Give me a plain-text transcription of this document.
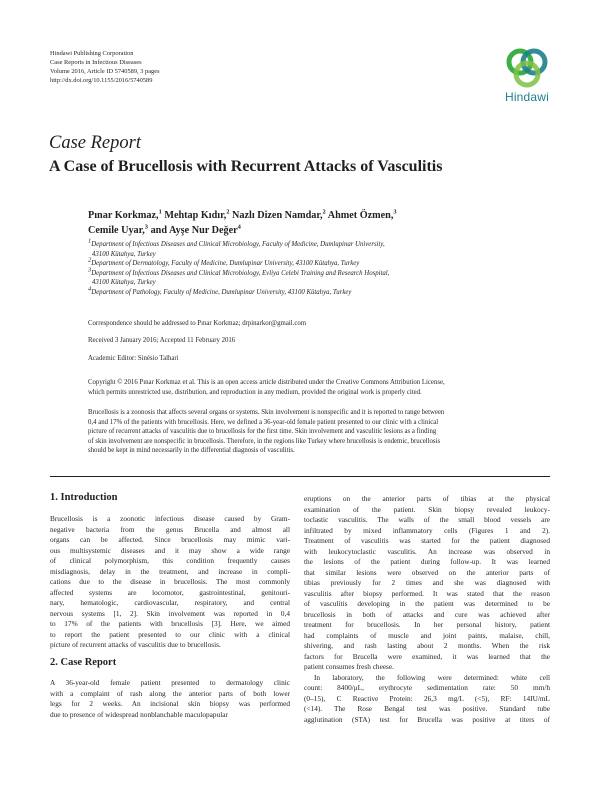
Hindawi Publishing Corporation
Case Reports in Infectious Diseases
Volume 2016, Article ID 5740589, 3 pages
http://dx.doi.org/10.1155/2016/5740589
Hindawi
Case Report
A Case of Brucellosis with Recurrent Attacks of Vasculitis
Pınar Korkmaz,$^1$ Mehtap Kıdır,$^2$ Nazlı Dizen Namdar,$^2$ Ahmet Özmen,$^3$
Cemile Uyar,$^3$ and Ayşe Nur Değer$^4$
$^1$Department of Infectious Diseases and Clinical Microbiology, Faculty of Medicine, Dumlupinar University,
43100 Kütahya, Turkey
$^2$Department of Dermatology, Faculty of Medicine, Dumlupinar University, 43100 Kütahya, Turkey
$^3$Department of Infectious Diseases and Clinical Microbiology, Evliya Celebi Training and Research Hospital,
43100 Kütahya, Turkey
$^4$Department of Pathology, Faculty of Medicine, Dumlupinar University, 43100 Kütahya, Turkey
Correspondence should be addressed to Pınar Korkmaz; drpinarkor@gmail.com
Received 3 January 2016; Accepted 11 February 2016
Academic Editor: Sinésio Talhari
Copyright © 2016 Pınar Korkmaz et al. This is an open access article distributed under the Creative Commons Attribution License,
which permits unrestricted use, distribution, and reproduction in any medium, provided the original work is properly cited.
Brucellosis is a zoonosis that affects several organs or systems. Skin involvement is nonspecific and it is reported to range between
0,4 and 17% of the patients with brucellosis. Here, we defined a 36-year-old female patient presented to our clinic with a clinical
picture of recurrent attacks of vasculitis due to brucellosis for the first time. Skin involvement and vasculitic lesions as a finding
of skin involvement are nonspecific in brucellosis. Therefore, in the regions like Turkey where brucellosis is endemic, brucellosis
should be kept in mind necessarily in the differential diagnosis of vasculitis.
1. Introduction
Brucellosis is a zoonotic infectious disease caused by Gram-
negative bacteria from the genus Brucella and almost all
organs can be affected. Since brucellosis may mimic vari-
ous multisystemic diseases and it may show a wide range
of clinical polymorphism, this condition frequently causes
misdiagnosis, delay in the treatment, and increase in compli-
cations due to the disease in brucellosis. The most commonly
affected systems are locomotor, gastrointestinal, genitouri-
nary, hematologic, cardiovascular, respiratory, and central
nervous systems [1, 2]. Skin involvement was reported in 0,4
to 17% of the patients with brucellosis [3]. Here, we aimed
to report the patient presented to our clinic with a clinical
picture of recurrent attacks of vasculitis due to brucellosis.
2. Case Report
A 36-year-old female patient presented to dermatology clinic
with a complaint of rash along the anterior parts of both lower
legs for 2 weeks. An incisional skin biopsy was performed
due to presence of widespread nonblanchable maculopapular
eruptions on the anterior parts of tibias at the physical
examination of the patient. Skin biopsy revealed leukocy-
toclastic vasculitis. The walls of the small blood vessels are
infiltrated by mixed inflammatory cells (Figures 1 and 2).
Treatment of vasculitis was started for the patient diagnosed
with leukocytoclastic vasculitis. An increase was observed in
the lesions of the patient during follow-up. It was learned
that similar lesions were observed on the anterior parts of
tibias previously for 2 times and she was diagnosed with
vasculitis after biopsy performed. It was stated that the reason
of vasculitis developing in the patient was determined to be
brucellosis in both of attacks and cure was achieved after
treatment for brucellosis. In her personal history, patient
had complaints of muscle and joint paints, malaise, chill,
shivering, and rash lasting about 2 months. When the risk
factors for Brucella were examined, it was learned that the
patient consumes fresh cheese.
In laboratory, the following were determined: white cell
count: 8400/μL, erythrocyte sedimentation rate: 50 mm/h
(0–15), C Reactive Protein: 26,3 mg/L (<5), RF: 14IU/mL
(<14). The Rose Bengal test was positive. Standard tube
agglutination (STA) test for Brucella was positive at titers of
